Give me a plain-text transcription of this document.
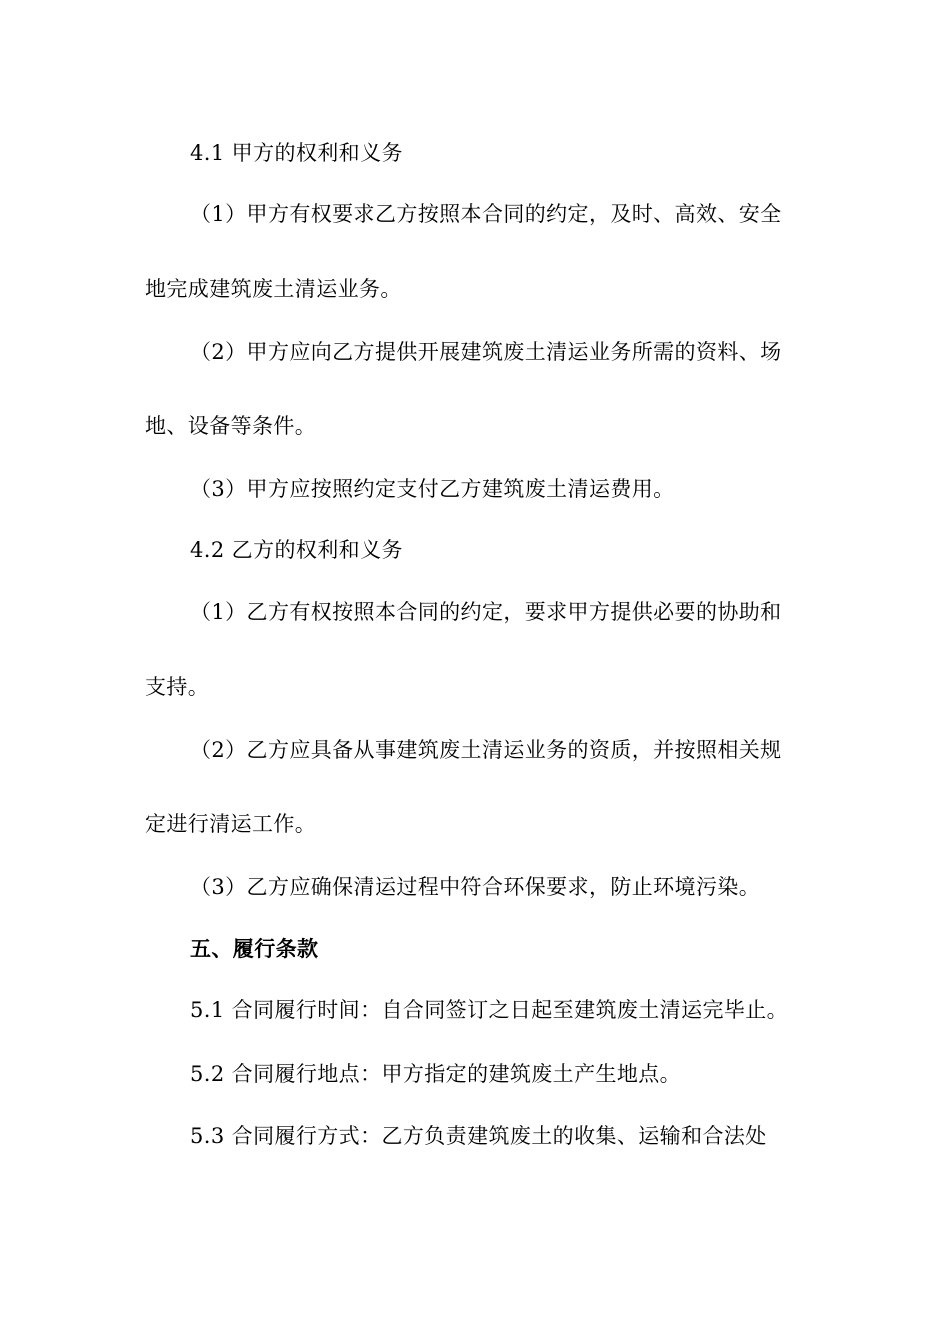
4.1 甲方的权利和义务
（1）甲方有权要求乙方按照本合同的约定，及时、高效、安全
地完成建筑废土清运业务。
（2）甲方应向乙方提供开展建筑废土清运业务所需的资料、场
地、设备等条件。
（3）甲方应按照约定支付乙方建筑废土清运费用。
4.2 乙方的权利和义务
（1）乙方有权按照本合同的约定，要求甲方提供必要的协助和
支持。
（2）乙方应具备从事建筑废土清运业务的资质，并按照相关规
定进行清运工作。
（3）乙方应确保清运过程中符合环保要求，防止环境污染。
五、履行条款
5.1 合同履行时间：自合同签订之日起至建筑废土清运完毕止。
5.2 合同履行地点：甲方指定的建筑废土产生地点。
5.3 合同履行方式：乙方负责建筑废土的收集、运输和合法处
